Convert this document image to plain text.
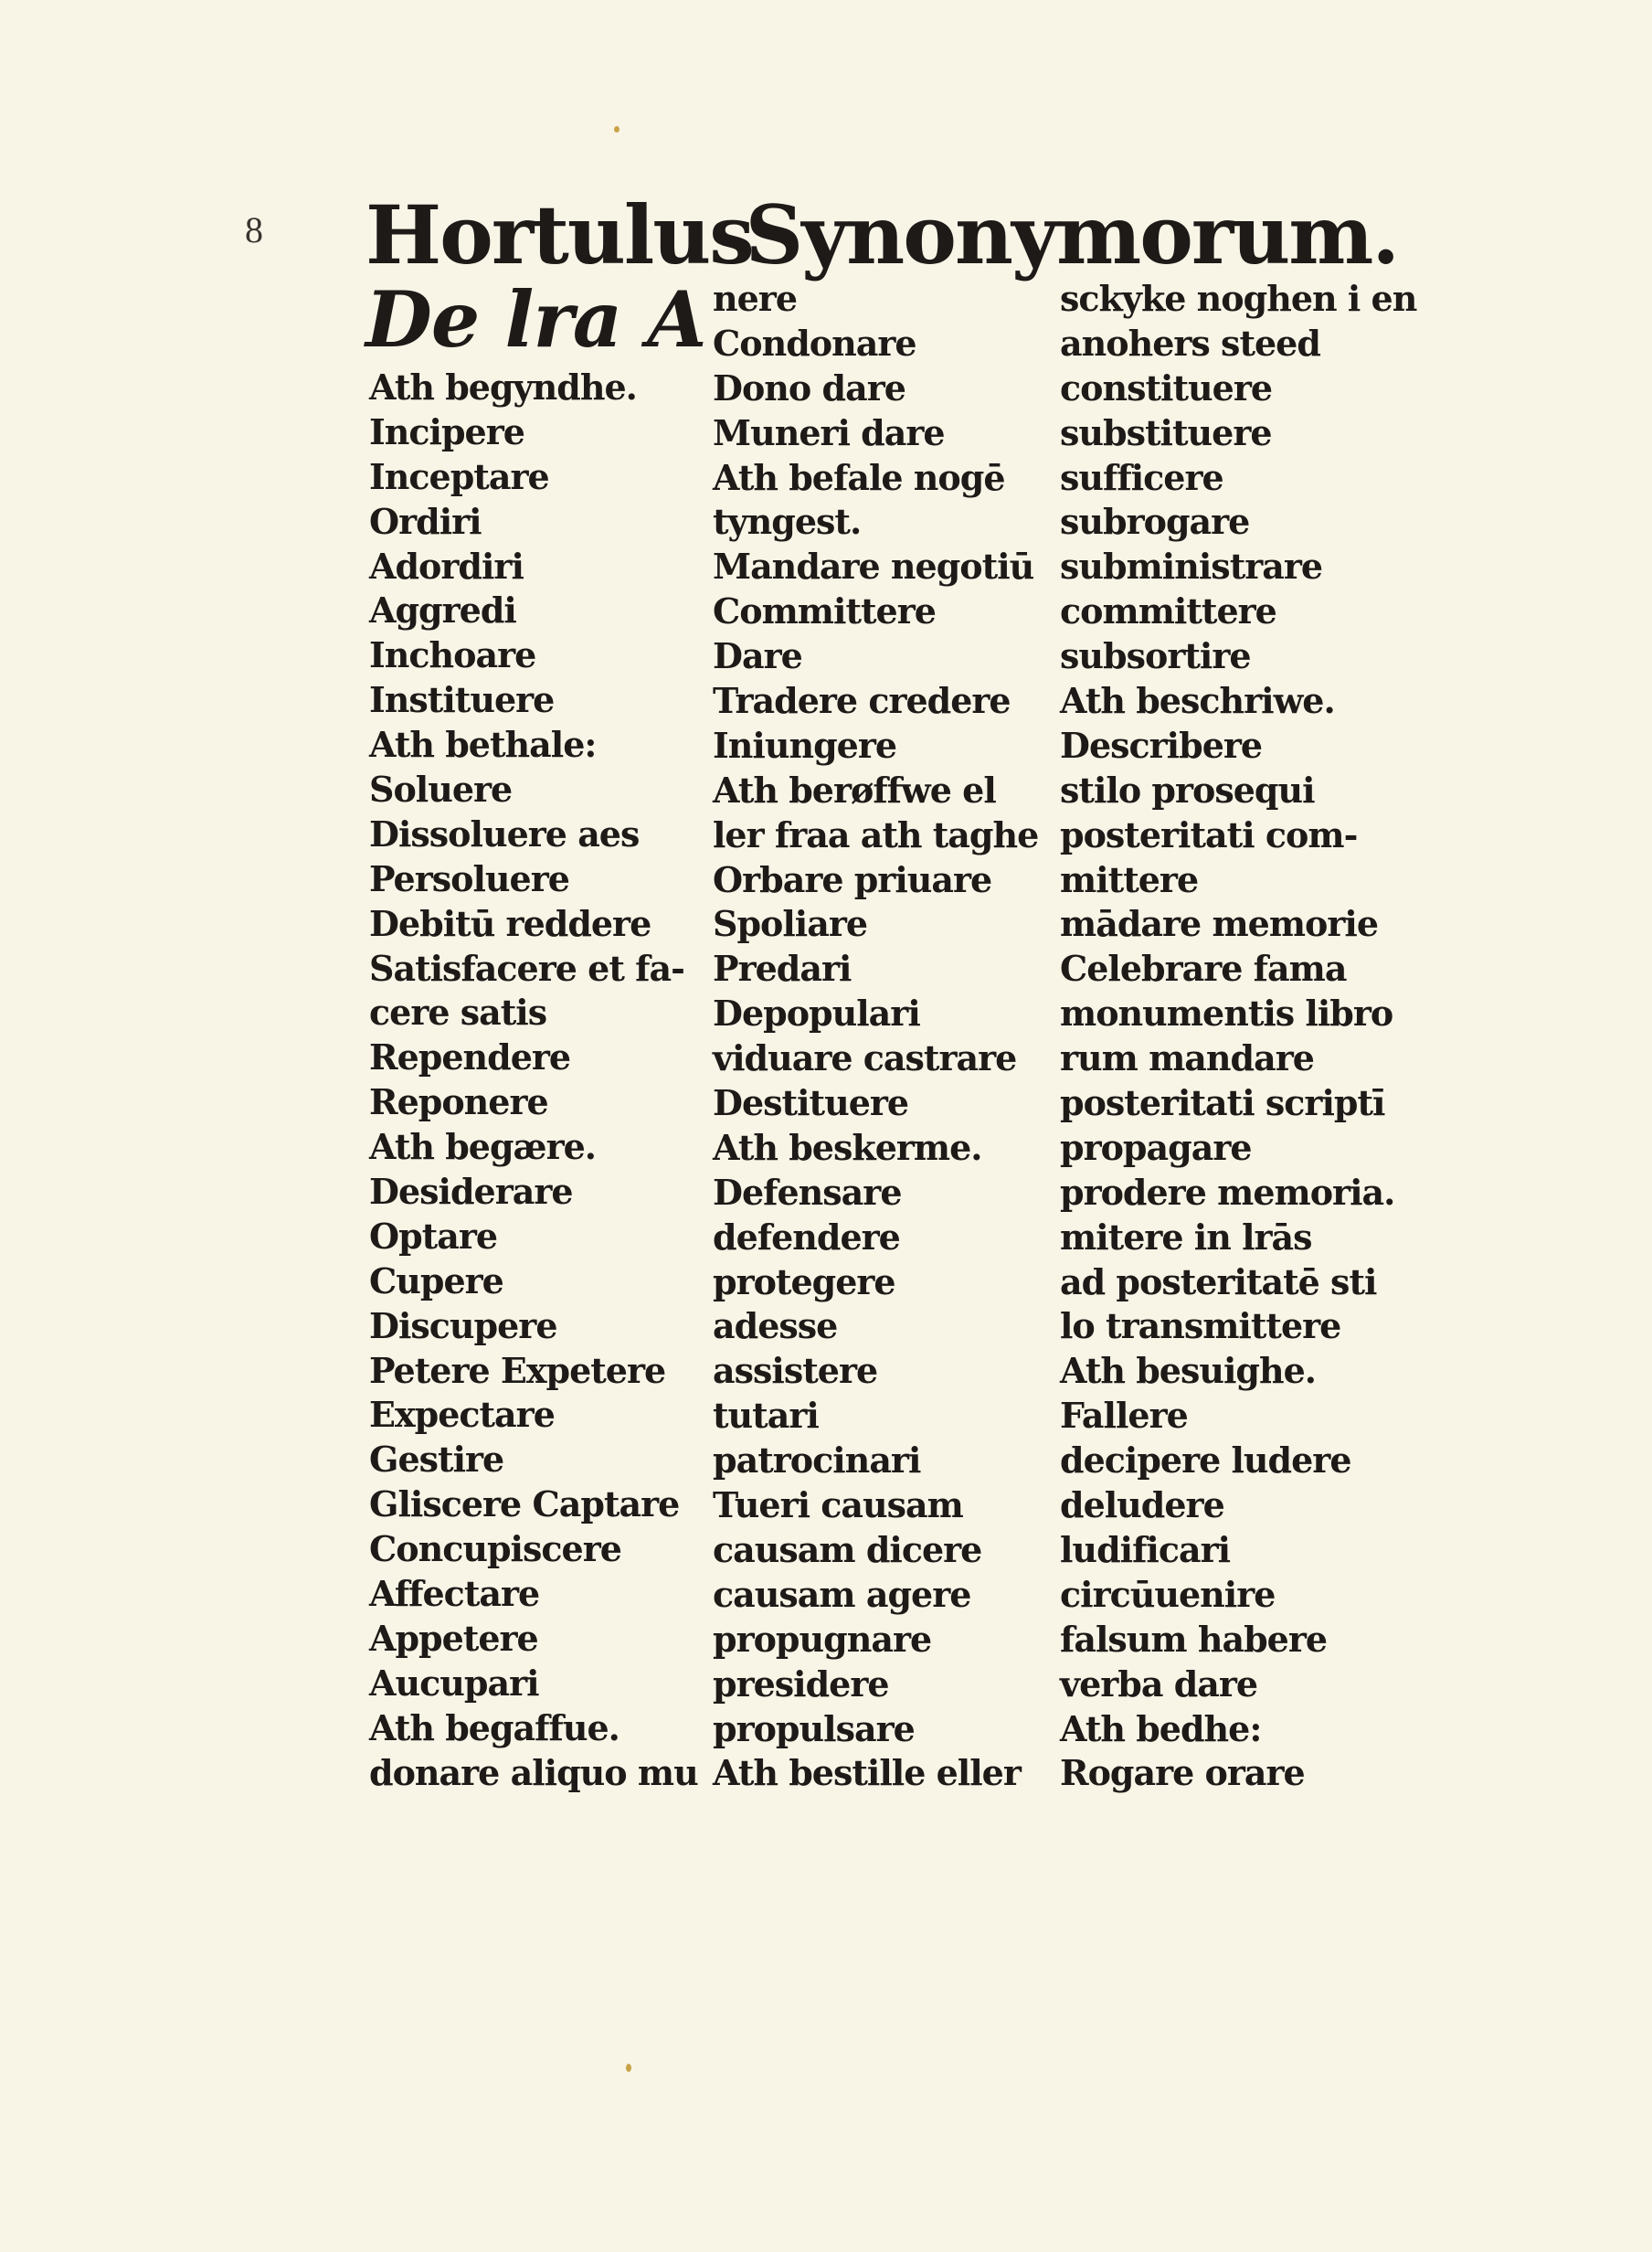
8 Hortulus
Synonymorum.
De lra A
Ath begyndhe.
Incipere
Inceptare
Ordiri
Adordiri
Aggredi
Inchoare
Instituere
Ath bethale:
Soluere
Dissoluere aes
Persoluere
Debitū reddere
Satisfacere et fa-
cere satis
Rependere
Reponere
Ath begære.
Desiderare
Optare
Cupere
Discupere
Petere Expetere
Expectare
Gestire
Gliscere Captare
Concupiscere
Affectare
Appetere
Aucupari
Ath begaffue.
donare aliquo mu
nere
Condonare
Dono dare
Muneri dare
Ath befale nogē
tyngest.
Mandare negotiū
Committere
Dare
Tradere credere
Iniungere
Ath berøffwe el
ler fraa ath taghe
Orbare priuare
Spoliare
Predari
Depopulari
viduare castrare
Destituere
Ath beskerme.
Defensare
defendere
protegere
adesse
assistere
tutari
patrocinari
Tueri causam
causam dicere
causam agere
propugnare
presidere
propulsare
Ath bestille eller
sckyke noghen i en
anohers steed
constituere
substituere
sufficere
subrogare
subministrare
committere
subsortire
Ath beschriwe.
Describere
stilo prosequi
posteritati com-
mittere
mādare memorie
Celebrare fama
monumentis libro
rum mandare
posteritati scriptī
propagare
prodere memoria.
mitere in lrās
ad posteritatē sti
lo transmittere
Ath besuighe.
Fallere
decipere ludere
deludere
ludificari
circūuenire
falsum habere
verba dare
Ath bedhe:
Rogare orare
